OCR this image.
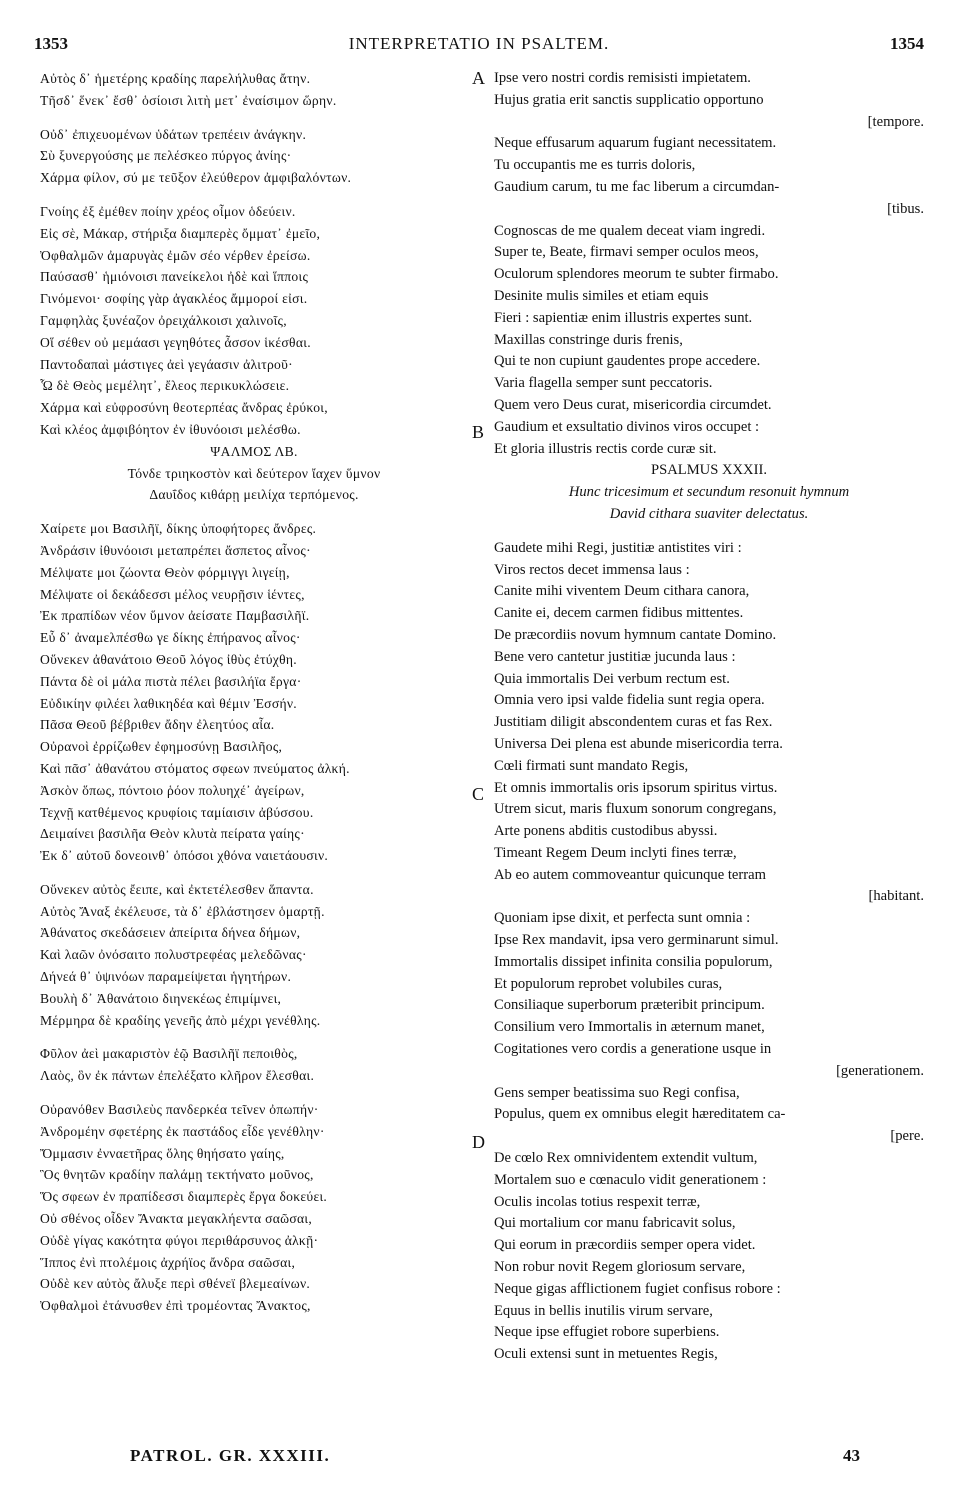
1353	INTERPRETATIO IN PSALTEM.	1354
Αὐτὸς δ᾽ ἡμετέρης κραδίης παρελήλυθας ἄτην.
Τῆσδ᾽ ἕνεκ᾽ ἔσθ᾽ ὁσίοισι λιτὴ μετ᾽ ἐναίσιμον ὥρην.
Οὐδ᾽ ἐπιχευομένων ὑδάτων τρεπέειν ἀνάγκην.
Σὺ ξυνεργούσης με πελέσκεο πύργος ἀνίης·
Χάρμα φίλον, σύ με τεῦξον ἐλεύθερον ἀμφιβαλόντων.
Γνοίης ἐξ ἐμέθεν ποίην χρέος οἶμον ὁδεύειν.
Εἰς σὲ, Μάκαρ, στήριξα διαμπερὲς ὄμματ᾽ ἐμεῖο,
Ὀφθαλμῶν ἀμαρυγὰς ἐμῶν σέο νέρθεν ἐρείσω.
Παύσασθ᾽ ἡμιόνοισι πανείκελοι ἠδὲ καὶ ἵπποις
Γινόμενοι· σοφίης γὰρ ἀγακλέος ἄμμοροί εἰσι.
Γαμφηλὰς ξυνέαζον ὀρειχάλκοισι χαλινοῖς,
Οἵ σέθεν οὐ μεμάασι γεγηθότες ἆσσον ἱκέσθαι.
Παντοδαπαὶ μάστιγες ἀεὶ γεγάασιν ἀλιτροῦ·
Ὧ δὲ Θεὸς μεμέλητ᾽, ἔλεος περικυκλώσειε.
Χάρμα καὶ εὐφροσύνη θεοτερπέας ἄνδρας ἐρύκοι,
Καὶ κλέος ἀμφιβόητον ἐν ἰθυνόοισι μελέσθω.
ΨΑΛΜΟΣ ΛΒ.
Τόνδε τριηκοστὸν καὶ δεύτερον ἴαχεν ὕμνον
Δαυΐδος κιθάρῃ μειλίχα τερπόμενος.
Χαίρετε μοι Βασιλῆϊ, δίκης ὑποφήτορες ἄνδρες.
Ἀνδράσιν ἰθυνόοισι μεταπρέπει ἄσπετος αἶνος·
Μέλψατε μοι ζώοντα Θεὸν φόρμιγγι λιγείῃ,
Μέλψατε οἱ δεκάδεσσι μέλος νευρῇσιν ἱέντες,
Ἐκ πραπίδων νέον ὕμνον ἀείσατε Παμβασιλῆϊ.
Εὖ δ᾽ ἀναμελπέσθω γε δίκης ἐπήρανος αἶνος·
Οὕνεκεν ἀθανάτοιο Θεοῦ λόγος ἰθὺς ἐτύχθη.
Πάντα δὲ οἱ μάλα πιστὰ πέλει βασιλήϊα ἔργα·
Εὐδικίην φιλέει λαθικηδέα καὶ θέμιν Ἐσσήν.
Πᾶσα Θεοῦ βέβριθεν ἄδην ἐλεητύος αἶα.
Οὐρανοὶ ἐρρίζωθεν ἐφημοσύνῃ Βασιλῆος,
Καὶ πᾶσ᾽ ἀθανάτου στόματος σφεων πνεύματος ἀλκή.
Ἀσκὸν ὅπως, πόντοιο ῥόον πολυηχέ᾽ ἀγείρων,
Τεχνῇ κατθέμενος κρυφίοις ταμίαισιν ἀβύσσου.
Δειμαίνει βασιλῆα Θεὸν κλυτὰ πείρατα γαίης·
Ἐκ δ᾽ αὐτοῦ δονεοινθ᾽ ὁπόσοι χθόνα ναιετάουσιν.
Οὕνεκεν αὐτὸς ἔειπε, καὶ ἐκτετέλεσθεν ἅπαντα.
Αὐτὸς Ἄναξ ἐκέλευσε, τὰ δ᾽ ἐβλάστησεν ὁμαρτῇ.
Ἀθάνατος σκεδάσειεν ἀπείριτα δήνεα δήμων,
Καὶ λαῶν ὀνόσαιτο πολυστρεφέας μελεδῶνας·
Δήνεά θ᾽ ὑψινόων παραμείψεται ἡγητήρων.
Βουλὴ δ᾽ Ἀθανάτοιο διηνεκέως ἐπιμίμνει,
Μέρμηρα δὲ κραδίης γενεῆς ἀπὸ μέχρι γενέθλης.
Φῦλον ἀεὶ μακαριστὸν ἑῷ Βασιλῆϊ πεποιθὸς,
Λαὸς, ὃν ἐκ πάντων ἐπελέξατο κλῆρον ἔλεσθαι.
Οὐρανόθεν Βασιλεὺς πανδερκέα τεῖνεν ὀπωπήν·
Ἀνδρομέην σφετέρης ἐκ παστάδος εἶδε γενέθλην·
Ὄμμασιν ἐνναετῆρας ὅλης θηήσατο γαίης,
Ὃς θνητῶν κραδίην παλάμῃ τεκτήνατο μοῦνος,
Ὅς σφεων ἐν πραπίδεσσι διαμπερὲς ἔργα δοκεύει.
Οὐ σθένος οἶδεν Ἄνακτα μεγακλήεντα σαῶσαι,
Οὐδὲ γίγας κακότητα φύγοι περιθάρσυνος ἀλκῇ·
Ἵππος ἐνὶ πτολέμοις ἀχρήϊος ἄνδρα σαῶσαι,
Οὐδὲ κεν αὐτὸς ἄλυξε περὶ σθένεϊ βλεμεαίνων.
Ὀφθαλμοὶ ἐτάνυσθεν ἐπὶ τρομέοντας Ἄνακτος,
Ipse vero nostri cordis remisisti impietatem.
Hujus gratia erit sanctis supplicatio opportuno
[tempore.
Neque effusarum aquarum fugiant necessitatem.
Tu occupantis me es turris doloris,
Gaudium carum, tu me fac liberum a circumdan-
[tibus.
Cognoscas de me qualem deceat viam ingredi.
Super te, Beate, firmavi semper oculos meos,
Oculorum splendores meorum te subter firmabo.
Desinite mulis similes et etiam equis
Fieri : sapientiæ enim illustris expertes sunt.
Maxillas constringe duris frenis,
Qui te non cupiunt gaudentes prope accedere.
Varia flagella semper sunt peccatoris.
Quem vero Deus curat, misericordia circumdet.
Gaudium et exsultatio divinos viros occupet :
Et gloria illustris rectis corde curæ sit.
PSALMUS XXXII.
Hunc tricesimum et secundum resonuit hymnum
David cithara suaviter delectatus.
Gaudete mihi Regi, justitiæ antistites viri :
Viros rectos decet immensa laus :
Canite mihi viventem Deum cithara canora,
Canite ei, decem carmen fidibus mittentes.
De præcordiis novum hymnum cantate Domino.
Bene vero cantetur justitiæ jucunda laus :
Quia immortalis Dei verbum rectum est.
Omnia vero ipsi valde fidelia sunt regia opera.
Justitiam diligit abscondentem curas et fas Rex.
Universa Dei plena est abunde misericordia terra.
Cœli firmati sunt mandato Regis,
Et omnis immortalis oris ipsorum spiritus virtus.
Utrem sicut, maris fluxum sonorum congregans,
Arte ponens abditis custodibus abyssi.
Timeant Regem Deum inclyti fines terræ,
Ab eo autem commoveantur quicunque terram
[habitant.
Quoniam ipse dixit, et perfecta sunt omnia :
Ipse Rex mandavit, ipsa vero germinarunt simul.
Immortalis dissipet infinita consilia populorum,
Et populorum reprobet volubiles curas,
Consiliaque superborum præteribit principum.
Consilium vero Immortalis in æternum manet,
Cogitationes vero cordis a generatione usque in
[generationem.
Gens semper beatissima suo Regi confisa,
Populus, quem ex omnibus elegit hæreditatem ca-
[pere.
De cœlo Rex omnividentem extendit vultum,
Mortalem suo e cœnaculo vidit generationem :
Oculis incolas totius respexit terræ,
Qui mortalium cor manu fabricavit solus,
Qui eorum in præcordiis semper opera videt.
Non robur novit Regem gloriosum servare,
Neque gigas afflictionem fugiet confisus robore :
Equus in bellis inutilis virum servare,
Neque ipse effugiet robore superbiens.
Oculi extensi sunt in metuentes Regis,
A
B
C
D
PATROL. GR. XXXIII.	43
